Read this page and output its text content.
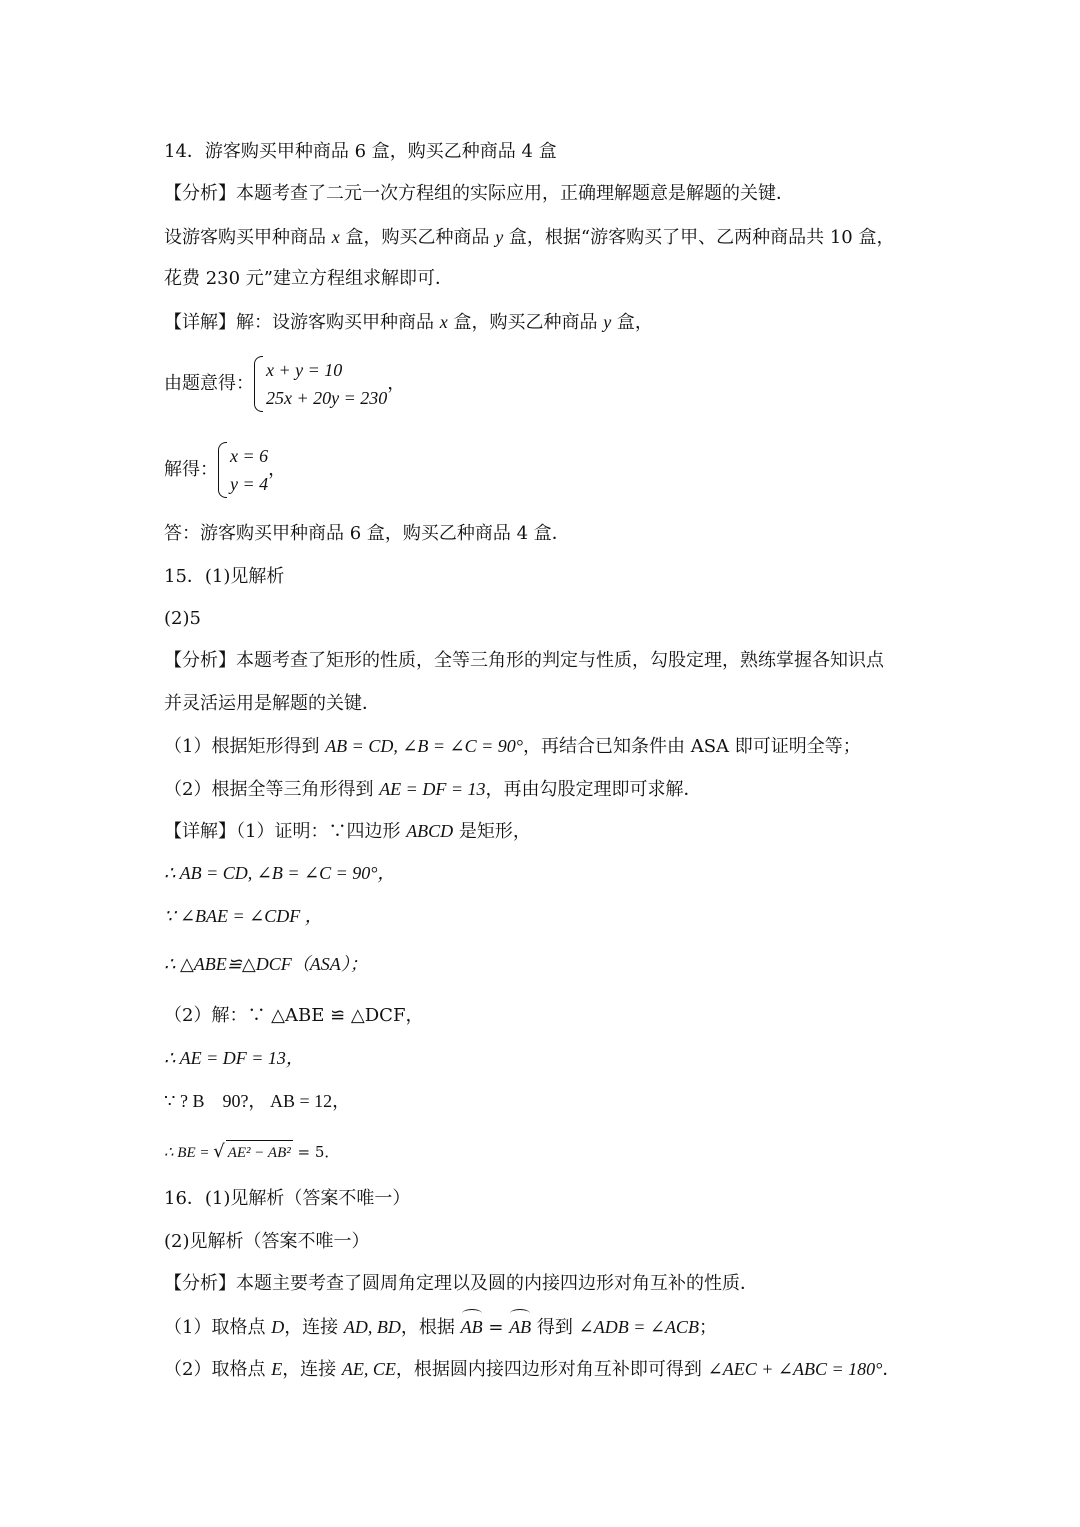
14．游客购买甲种商品 6 盒，购买乙种商品 4 盒
【分析】本题考查了二元一次方程组的实际应用，正确理解题意是解题的关键．
设游客购买甲种商品 x 盒，购买乙种商品 y 盒，根据“游客购买了甲、乙两种商品共 10 盒，
花费 230 元”建立方程组求解即可．
【详解】解：设游客购买甲种商品 x 盒，购买乙种商品 y 盒，
由题意得：
x + y = 10
25x + 20y = 230
，
解得：
x = 6
y = 4
，
答：游客购买甲种商品 6 盒，购买乙种商品 4 盒．
15．(1)见解析
(2)5
【分析】本题考查了矩形的性质，全等三角形的判定与性质，勾股定理，熟练掌握各知识点
并灵活运用是解题的关键．
（1）根据矩形得到 AB = CD, ∠B = ∠C = 90°，再结合已知条件由 ASA 即可证明全等；
（2）根据全等三角形得到 AE = DF = 13，再由勾股定理即可求解．
【详解】（1）证明：∵四边形 ABCD 是矩形，
∴ AB = CD, ∠B = ∠C = 90°，
∵ ∠BAE = ∠CDF ，
∴ △ABE≌△DCF（ASA）；
（2）解：∵ △ABE ≌ △DCF，
∴ AE = DF = 13，
∵ ? B　90?， AB = 12，
∴ BE = √ AE² − AB² = 5．
16．(1)见解析（答案不唯一）
(2)见解析（答案不唯一）
【分析】本题主要考查了圆周角定理以及圆的内接四边形对角互补的性质．
（1）取格点 D，连接 AD, BD，根据 AB = AB 得到 ∠ADB = ∠ACB；
（2）取格点 E，连接 AE, CE，根据圆内接四边形对角互补即可得到 ∠AEC + ∠ABC = 180°．
